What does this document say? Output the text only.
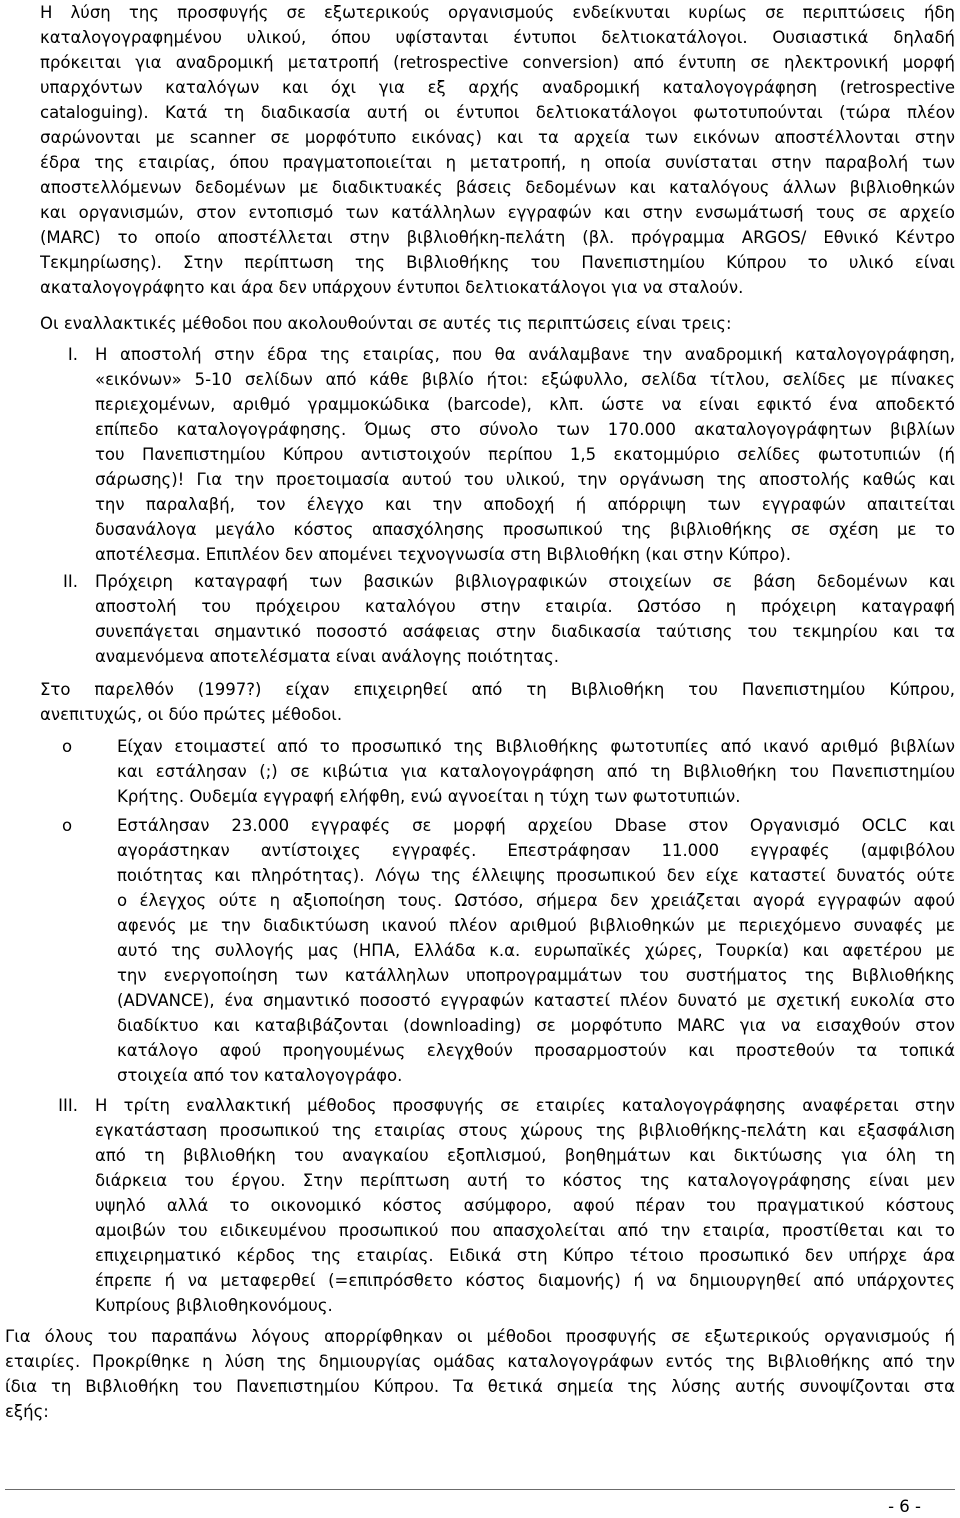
Η λύση της προσφυγής σε εξωτερικούς οργανισμούς ενδείκνυται κυρίως σε περιπτώσεις ήδη
καταλογογραφημένου υλικού, όπου υφίστανται έντυποι δελτιοκατάλογοι. Ουσιαστικά δηλαδή
πρόκειται για αναδρομική μετατροπή (retrospective conversion) από έντυπη σε ηλεκτρονική μορφή
υπαρχόντων καταλόγων και όχι για εξ αρχής αναδρομική καταλογογράφηση (retrospective
cataloguing). Κατά τη διαδικασία αυτή οι έντυποι δελτιοκατάλογοι φωτοτυπούνται (τώρα πλέον
σαρώνονται με scanner σε μορφότυπο εικόνας) και τα αρχεία των εικόνων αποστέλλονται στην
έδρα της εταιρίας, όπου πραγματοποιείται η μετατροπή, η οποία συνίσταται στην παραβολή των
αποστελλόμενων δεδομένων με διαδικτυακές βάσεις δεδομένων και καταλόγους άλλων βιβλιοθηκών
και οργανισμών, στον εντοπισμό των κατάλληλων εγγραφών και στην ενσωμάτωσή τους σε αρχείο
(MARC) το οποίο αποστέλλεται στην βιβλιοθήκη-πελάτη (βλ. πρόγραμμα ARGOS/ Εθνικό Κέντρο
Τεκμηρίωσης). Στην περίπτωση της Βιβλιοθήκης του Πανεπιστημίου Κύπρου το υλικό είναι
ακαταλογογράφητο και άρα δεν υπάρχουν έντυποι δελτιοκατάλογοι για να σταλούν.
Οι εναλλακτικές μέθοδοι που ακολουθούνται σε αυτές τις περιπτώσεις είναι τρεις:
I. Η αποστολή στην έδρα της εταιρίας, που θα ανάλαμβανε την αναδρομική καταλογογράφηση,
«εικόνων» 5-10 σελίδων από κάθε βιβλίο ήτοι: εξώφυλλο, σελίδα τίτλου, σελίδες με πίνακες
περιεχομένων, αριθμό γραμμοκώδικα (barcode), κλπ. ώστε να είναι εφικτό ένα αποδεκτό
επίπεδο καταλογογράφησης. Όμως στο σύνολο των 170.000 ακαταλογογράφητων βιβλίων
του Πανεπιστημίου Κύπρου αντιστοιχούν περίπου 1,5 εκατομμύριο σελίδες φωτοτυπιών (ή
σάρωσης)! Για την προετοιμασία αυτού του υλικού, την οργάνωση της αποστολής καθώς και
την παραλαβή, τον έλεγχο και την αποδοχή ή απόρριψη των εγγραφών απαιτείται
δυσανάλογα μεγάλο κόστος απασχόλησης προσωπικού της βιβλιοθήκης σε σχέση με το
αποτέλεσμα. Επιπλέον δεν απομένει τεχνογνωσία στη Βιβλιοθήκη (και στην Κύπρο).
II. Πρόχειρη καταγραφή των βασικών βιβλιογραφικών στοιχείων σε βάση δεδομένων και
αποστολή του πρόχειρου καταλόγου στην εταιρία. Ωστόσο η πρόχειρη καταγραφή
συνεπάγεται σημαντικό ποσοστό ασάφειας στην διαδικασία ταύτισης του τεκμηρίου και τα
αναμενόμενα αποτελέσματα είναι ανάλογης ποιότητας.
Στο παρελθόν (1997?) είχαν επιχειρηθεί από τη Βιβλιοθήκη του Πανεπιστημίου Κύπρου,
ανεπιτυχώς, οι δύο πρώτες μέθοδοι.
o	Είχαν ετοιμαστεί από το προσωπικό της Βιβλιοθήκης φωτοτυπίες από ικανό αριθμό βιβλίων
και εστάλησαν (;) σε κιβώτια για καταλογογράφηση από τη Βιβλιοθήκη του Πανεπιστημίου
Κρήτης. Ουδεμία εγγραφή ελήφθη, ενώ αγνοείται η τύχη των φωτοτυπιών.
o	Εστάλησαν 23.000 εγγραφές σε μορφή αρχείου Dbase στον Οργανισμό OCLC και
αγοράστηκαν αντίστοιχες εγγραφές. Επεστράφησαν 11.000 εγγραφές (αμφιβόλου
ποιότητας και πληρότητας). Λόγω της έλλειψης προσωπικού δεν είχε καταστεί δυνατός ούτε
ο έλεγχος ούτε η αξιοποίηση τους. Ωστόσο, σήμερα δεν χρειάζεται αγορά εγγραφών αφού
αφενός με την διαδικτύωση ικανού πλέον αριθμού βιβλιοθηκών με περιεχόμενο συναφές με
αυτό της συλλογής μας (ΗΠΑ, Ελλάδα κ.α. ευρωπαϊκές χώρες, Τουρκία) και αφετέρου με
την ενεργοποίηση των κατάλληλων υποπρογραμμάτων του συστήματος της Βιβλιοθήκης
(ADVANCE), ένα σημαντικό ποσοστό εγγραφών καταστεί πλέον δυνατό με σχετική ευκολία στο
διαδίκτυο και καταβιβάζονται (downloading) σε μορφότυπο MARC για να εισαχθούν στον
κατάλογο αφού προηγουμένως ελεγχθούν προσαρμοστούν και προστεθούν τα τοπικά
στοιχεία από τον καταλογογράφο.
III. Η τρίτη εναλλακτική μέθοδος προσφυγής σε εταιρίες καταλογογράφησης αναφέρεται στην
εγκατάσταση προσωπικού της εταιρίας στους χώρους της βιβλιοθήκης-πελάτη και εξασφάλιση
από τη βιβλιοθήκη του αναγκαίου εξοπλισμού, βοηθημάτων και δικτύωσης για όλη τη
διάρκεια του έργου. Στην περίπτωση αυτή το κόστος της καταλογογράφησης είναι μεν
υψηλό αλλά το οικονομικό κόστος ασύμφορο, αφού πέραν του πραγματικού κόστους
αμοιβών του ειδικευμένου προσωπικού που απασχολείται από την εταιρία, προστίθεται και το
επιχειρηματικό κέρδος της εταιρίας. Ειδικά στη Κύπρο τέτοιο προσωπικό δεν υπήρχε άρα
έπρεπε ή να μεταφερθεί (=επιπρόσθετο κόστος διαμονής) ή να δημιουργηθεί από υπάρχοντες
Κυπρίους βιβλιοθηκονόμους.
Για όλους του παραπάνω λόγους απορρίφθηκαν οι μέθοδοι προσφυγής σε εξωτερικούς οργανισμούς ή
εταιρίες. Προκρίθηκε η λύση της δημιουργίας ομάδας καταλογογράφων εντός της Βιβλιοθήκης από την
ίδια τη Βιβλιοθήκη του Πανεπιστημίου Κύπρου. Τα θετικά σημεία της λύσης αυτής συνοψίζονται στα
εξής:
- 6 -
